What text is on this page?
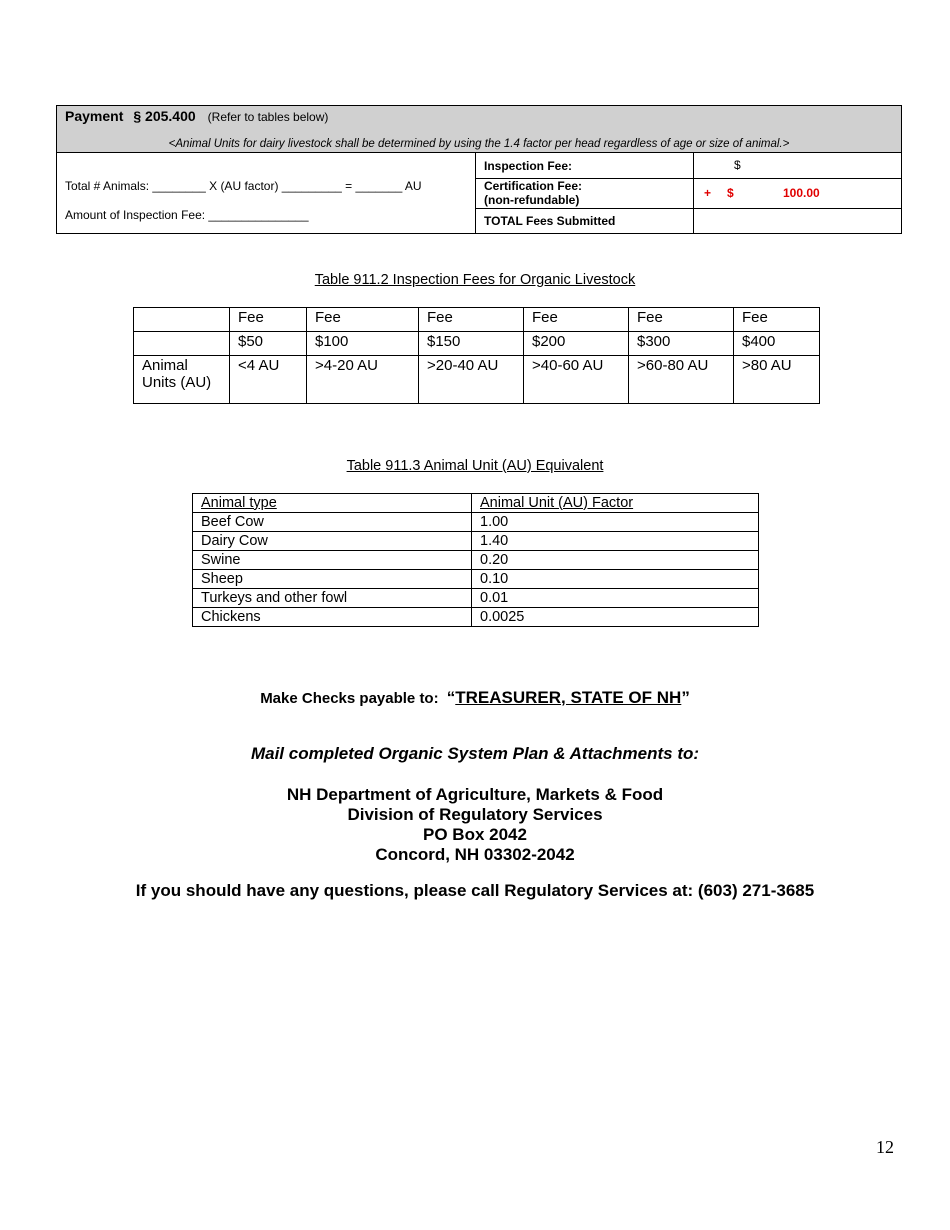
Payment § 205.400 (Refer to tables below)
<Animal Units for dairy livestock shall be determined by using the 1.4 factor per head regardless of age or size of animal.>
Total # Animals: ________ X (AU factor) _________ = _______ AU
Amount of Inspection Fee: _______________
Inspection Fee:	$
Certification Fee:
(non-refundable)	+ $	100.00
TOTAL Fees Submitted
Table 911.2 Inspection Fees for Organic Livestock
	Fee	Fee	Fee	Fee	Fee	Fee
	$50	$100	$150	$200	$300	$400
Animal Units (AU)	<4 AU	>4-20 AU	>20-40 AU	>40-60 AU	>60-80 AU	>80 AU
Table 911.3 Animal Unit (AU) Equivalent
Animal type	Animal Unit (AU) Factor
Beef Cow	1.00
Dairy Cow	1.40
Swine	0.20
Sheep	0.10
Turkeys and other fowl	0.01
Chickens	0.0025
Make Checks payable to: “TREASURER, STATE OF NH”
Mail completed Organic System Plan & Attachments to:
NH Department of Agriculture, Markets & Food
Division of Regulatory Services
PO Box 2042
Concord, NH 03302-2042
If you should have any questions, please call Regulatory Services at: (603) 271-3685
12
